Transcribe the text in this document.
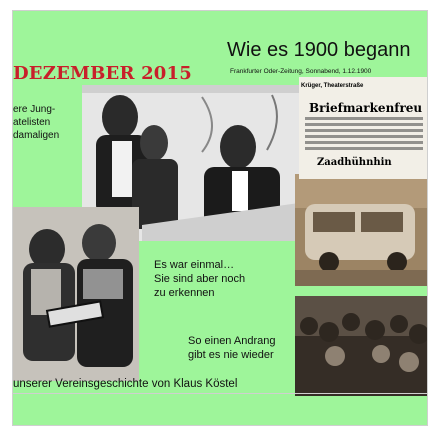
DEZEMBER 2015
Wie es 1900 begann
Frankfurter Oder-Zeitung, Sonnabend, 1.12.1900
ere Jung-
atelisten
damaligen
Krüger, Theaterstraße
Briefmarkenfreu
Zaadhühnhin
Es war einmal…
Sie sind aber noch
zu erkennen
So einen Andrang
gibt es nie wieder
unserer Vereinsgeschichte von Klaus Köstel
